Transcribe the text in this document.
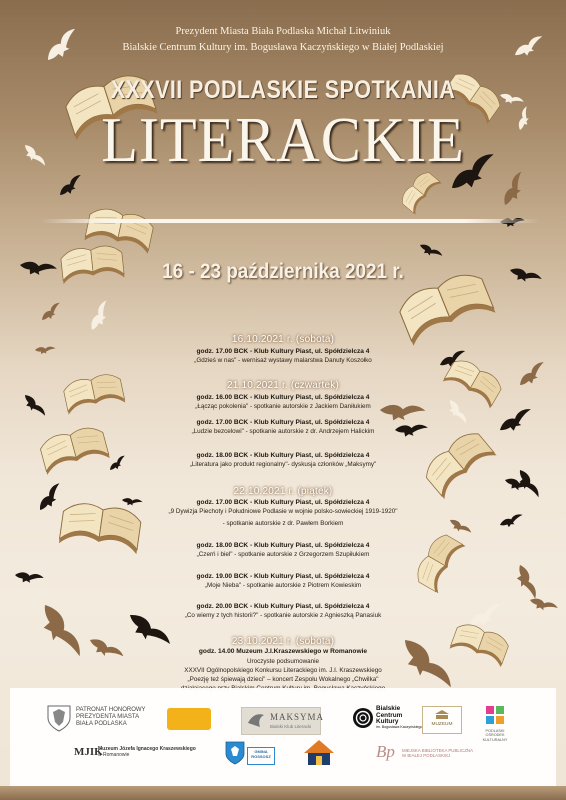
Prezydent Miasta Biała Podlaska Michał Litwiniuk
Bialskie Centrum Kultury im. Bogusława Kaczyńskiego w Białej Podlaskiej
XXXVII PODLASKIE SPOTKANIA
LITERACKIE
16 - 23 października 2021 r.
16.10.2021 r. (sobota)
godz. 17.00 BCK - Klub Kultury Piast, ul. Spółdzielcza 4
„Gdzieś w nas" - wernisaż wystawy malarstwa Danuty Koszołko
21.10.2021 r. (czwartek)
godz. 16.00 BCK - Klub Kultury Piast, ul. Spółdzielcza 4
„Łącząc pokolenia" - spotkanie autorskie z Jackiem Daniłukiem
godz. 17.00 BCK - Klub Kultury Piast, ul. Spółdzielcza 4
„Ludzie bezcelowi" - spotkanie autorskie z dr. Andrzejem Halickim
godz. 18.00 BCK - Klub Kultury Piast, ul. Spółdzielcza 4
„Literatura jako produkt regionalny"- dyskusja członków „Maksymy"
22.10.2021 r. (piątek)
godz. 17.00 BCK - Klub Kultury Piast, ul. Spółdzielcza 4
„9 Dywizja Piechoty i Południowe Podlasie w wojnie polsko-sowieckiej 1919-1920"
- spotkanie autorskie z dr. Pawłem Borkiem
godz. 18.00 BCK - Klub Kultury Piast, ul. Spółdzielcza 4
„Czerń i biel" - spotkanie autorskie z Grzegorzem Szupiłukiem
godz. 19.00 BCK - Klub Kultury Piast, ul. Spółdzielcza 4
„Moje Nieba" - spotkanie autorskie z Piotrem Kowieskim
godz. 20.00 BCK - Klub Kultury Piast, ul. Spółdzielcza 4
„Co wiemy z tych historii?" - spotkanie autorskie z Agnieszką Panasiuk
23.10.2021 r. (sobota)
godz. 14.00 Muzeum J.I.Kraszewskiego w Romanowie
Uroczyste podsumowanie
XXXVII Ogólnopolskiego Konkursu Literackiego im. J.I. Kraszewskiego
„Poezję też śpiewają dzieci" – koncert Zespołu Wokalnego „Chwilka"
PATRONAT HONOROWY
PREZYDENTA MIASTA
BIAŁA PODLASKA
MAKSYMA
Bialski Klub Literacki
Bialskie
Centrum
Kultury
im. Bogusława Kaczyńskiego
MUZEUM
PODLASKI
OŚRODEK
KULTURALNY
MJIK
Muzeum Józefa Ignacego Kraszewskiego
w Romanowie
GMINA
ROSSOSZ	Bp MIEJSKA BIBLIOTEKA PUBLICZNA
W BIAŁEJ PODLASKIEJ
